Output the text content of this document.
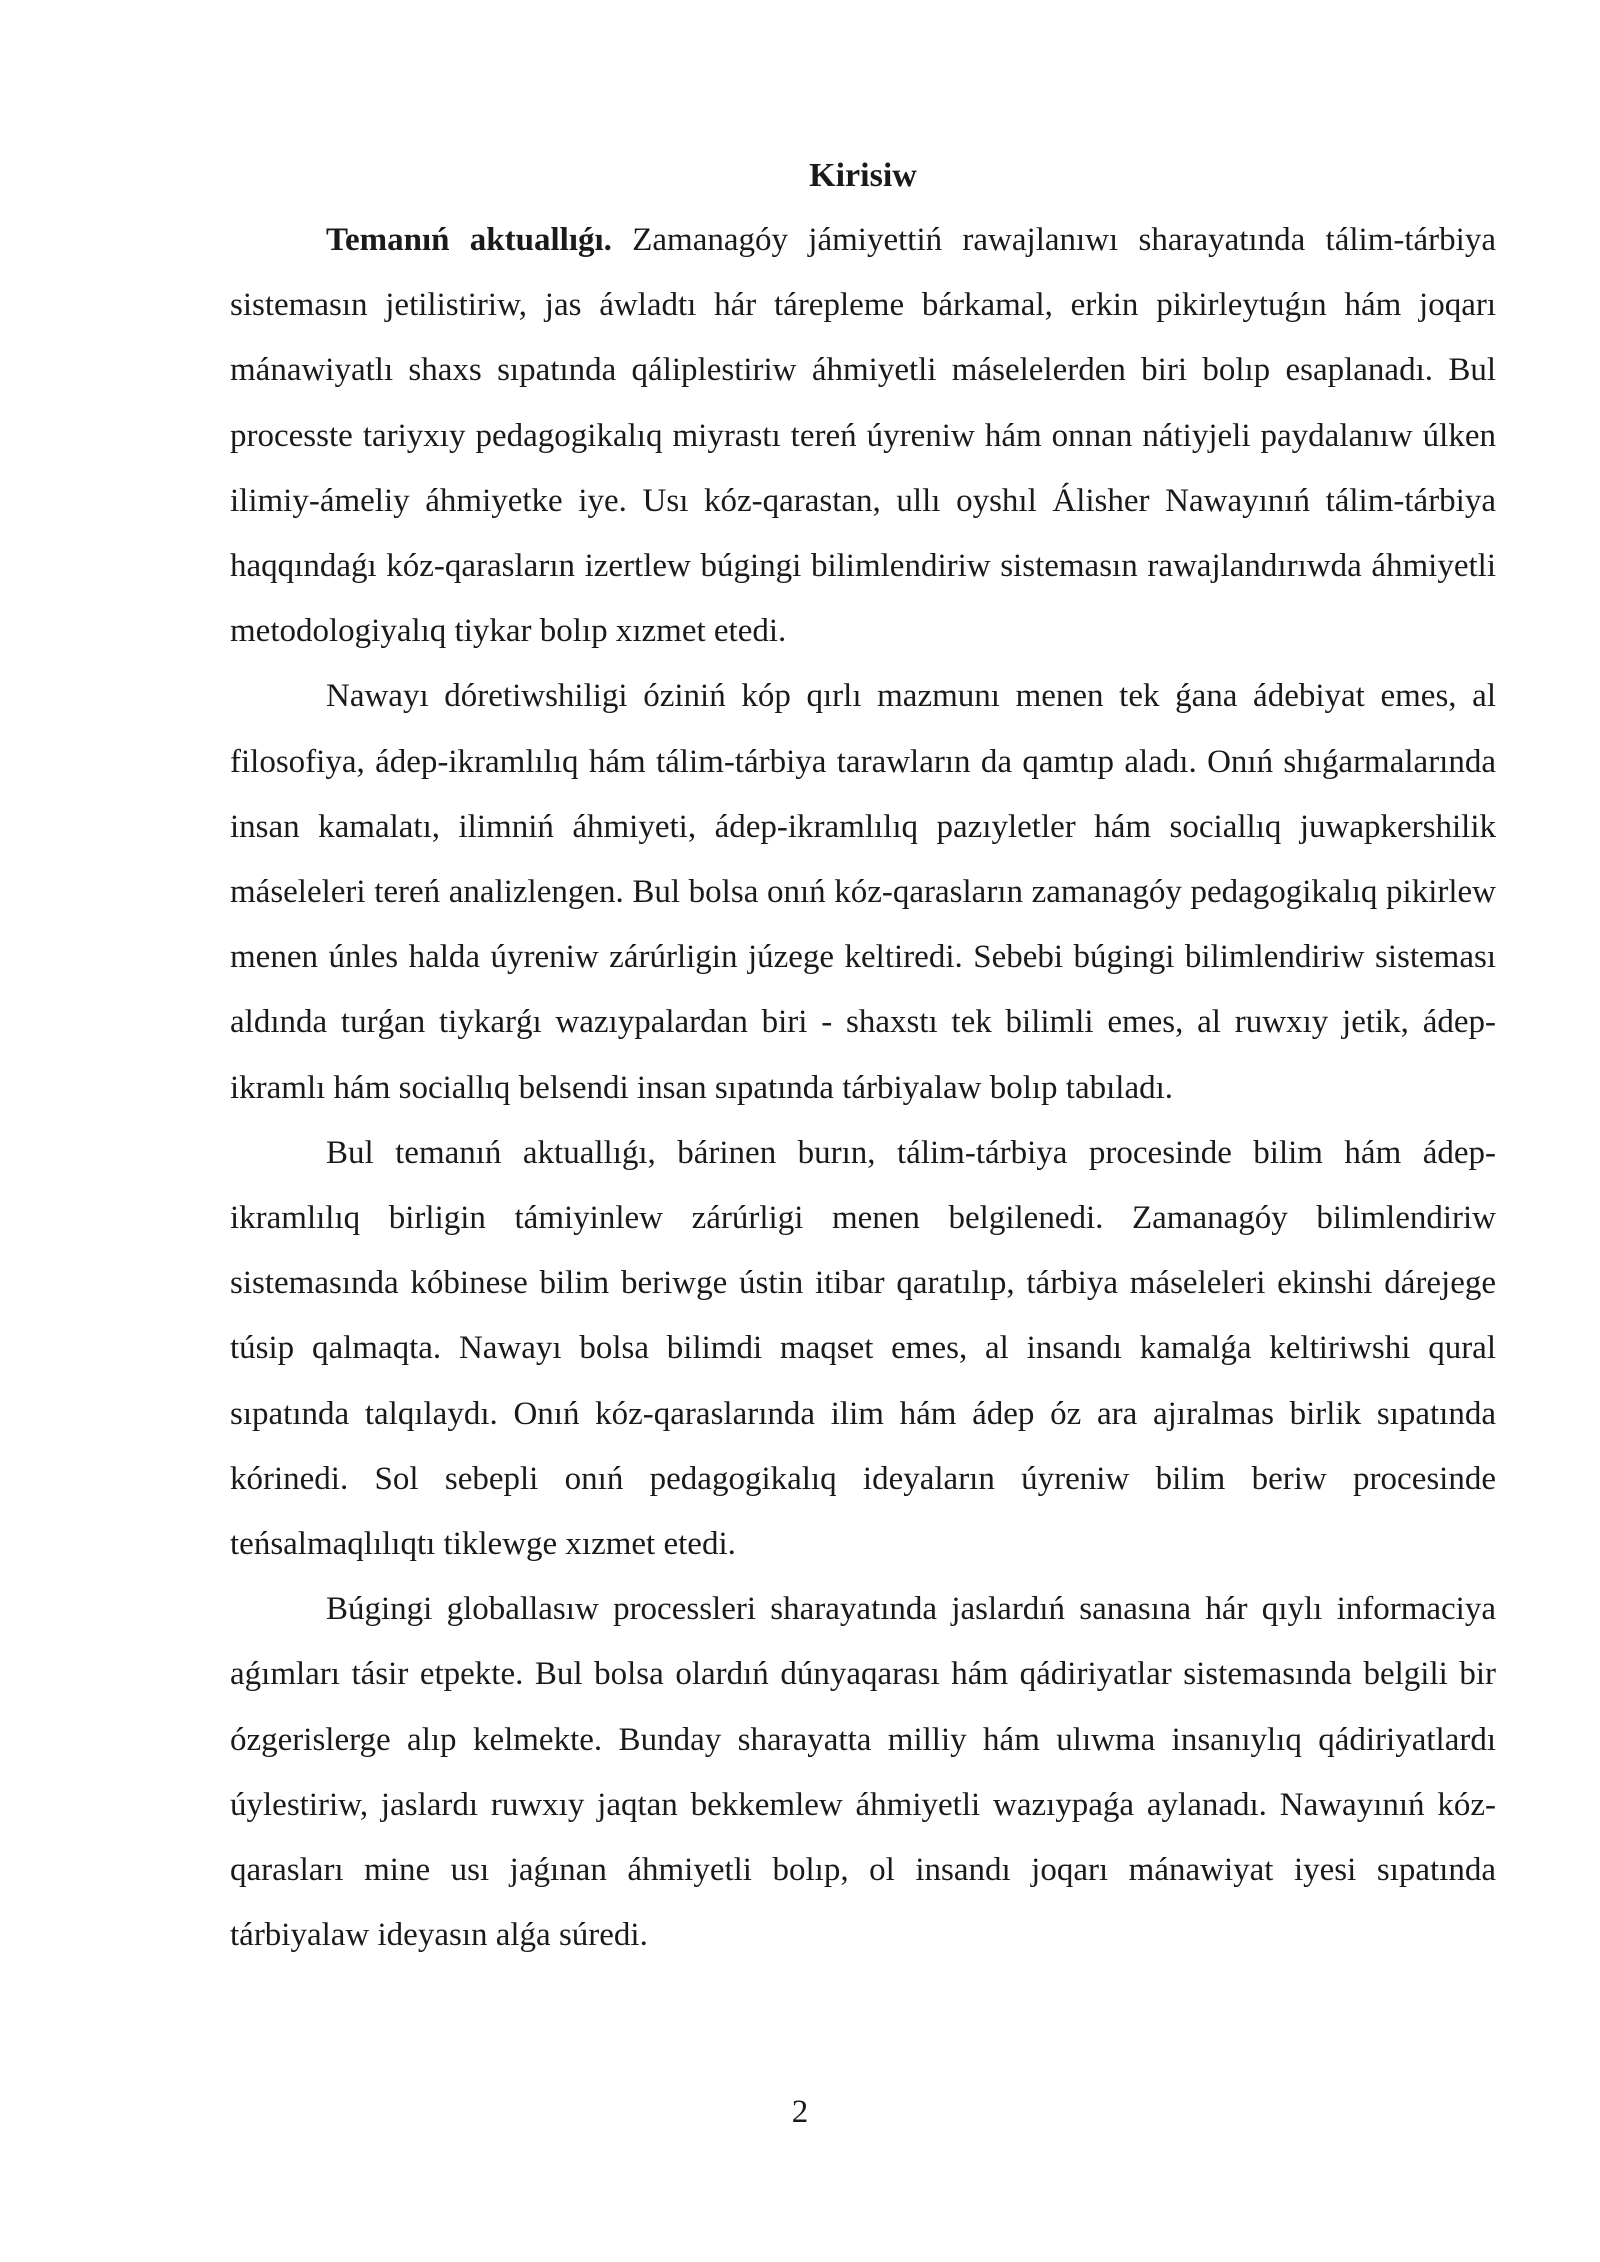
Kirisiw

Temanıń aktuallıǵı. Zamanagóy jámiyettiń rawajlanıwı sharayatında tálim-tárbiya sistemasın jetilistiriw, jas áwladtı hár tárepleme bárkamal, erkin pikirleytuǵın hám joqarı mánawiyatlı shaxs sıpatında qáliplestiriw áhmiyetli máselelerden biri bolıp esaplanadı. Bul processte tariyxıy pedagogikalıq miyrastı tereń úyreniw hám onnan nátiyjeli paydalanıw úlken ilimiy-ámeliy áhmiyetke iye. Usı kóz-qarastan, ullı oyshıl Álisher Nawayınıń tálim-tárbiya haqqındaǵı kóz-qarasların izertlew búgingi bilimlendiriw sistemasın rawajlandırıwda áhmiyetli metodologiyalıq tiykar bolıp xızmet etedi.

Nawayı dóretiwshiligi óziniń kóp qırlı mazmunı menen tek ǵana ádebiyat emes, al filosofiya, ádep-ikramlılıq hám tálim-tárbiya tarawların da qamtıp aladı. Onıń shıǵarmalarında insan kamalatı, ilimniń áhmiyeti, ádep-ikramlılıq pazıyletler hám sociallıq juwapkershilik máseleleri tereń analizlengen. Bul bolsa onıń kóz-qarasların zamanagóy pedagogikalıq pikirlew menen únles halda úyreniw zárúrligin júzege keltiredi. Sebebi búgingi bilimlendiriw sisteması aldında turǵan tiykarǵı wazıypalardan biri - shaxstı tek bilimli emes, al ruwxıy jetik, ádep-ikramlı hám sociallıq belsendi insan sıpatında tárbiyalaw bolıp tabıladı.

Bul temanıń aktuallıǵı, bárinen burın, tálim-tárbiya procesinde bilim hám ádep-ikramlılıq birligin támiyinlew zárúrligi menen belgilenedi. Zamanagóy bilimlendiriw sistemasında kóbinese bilim beriwge ústin itibar qaratılıp, tárbiya máseleleri ekinshi dárejege túsip qalmaqta. Nawayı bolsa bilimdi maqset emes, al insandı kamalǵa keltiriwshi qural sıpatında talqılaydı. Onıń kóz-qaraslarında ilim hám ádep óz ara ajıralmas birlik sıpatında kórinedi. Sol sebepli onıń pedagogikalıq ideyaların úyreniw bilim beriw procesinde teńsalmaqlılıqtı tiklewge xızmet etedi.

Búgingi globallasıw processleri sharayatında jaslardıń sanasına hár qıylı informaciya aǵımları tásir etpekte. Bul bolsa olardıń dúnyaqarası hám qádiriyatlar sistemasında belgili bir ózgerislerge alıp kelmekte. Bunday sharayatta milliy hám ulıwma insanıylıq qádiriyatlardı úylestiriw, jaslardı ruwxıy jaqtan bekkemlew áhmiyetli wazıypaǵa aylanadı. Nawayınıń kóz-qarasları mine usı jaǵınan áhmiyetli bolıp, ol insandı joqarı mánawiyat iyesi sıpatında tárbiyalaw ideyasın alǵa súredi.

2
